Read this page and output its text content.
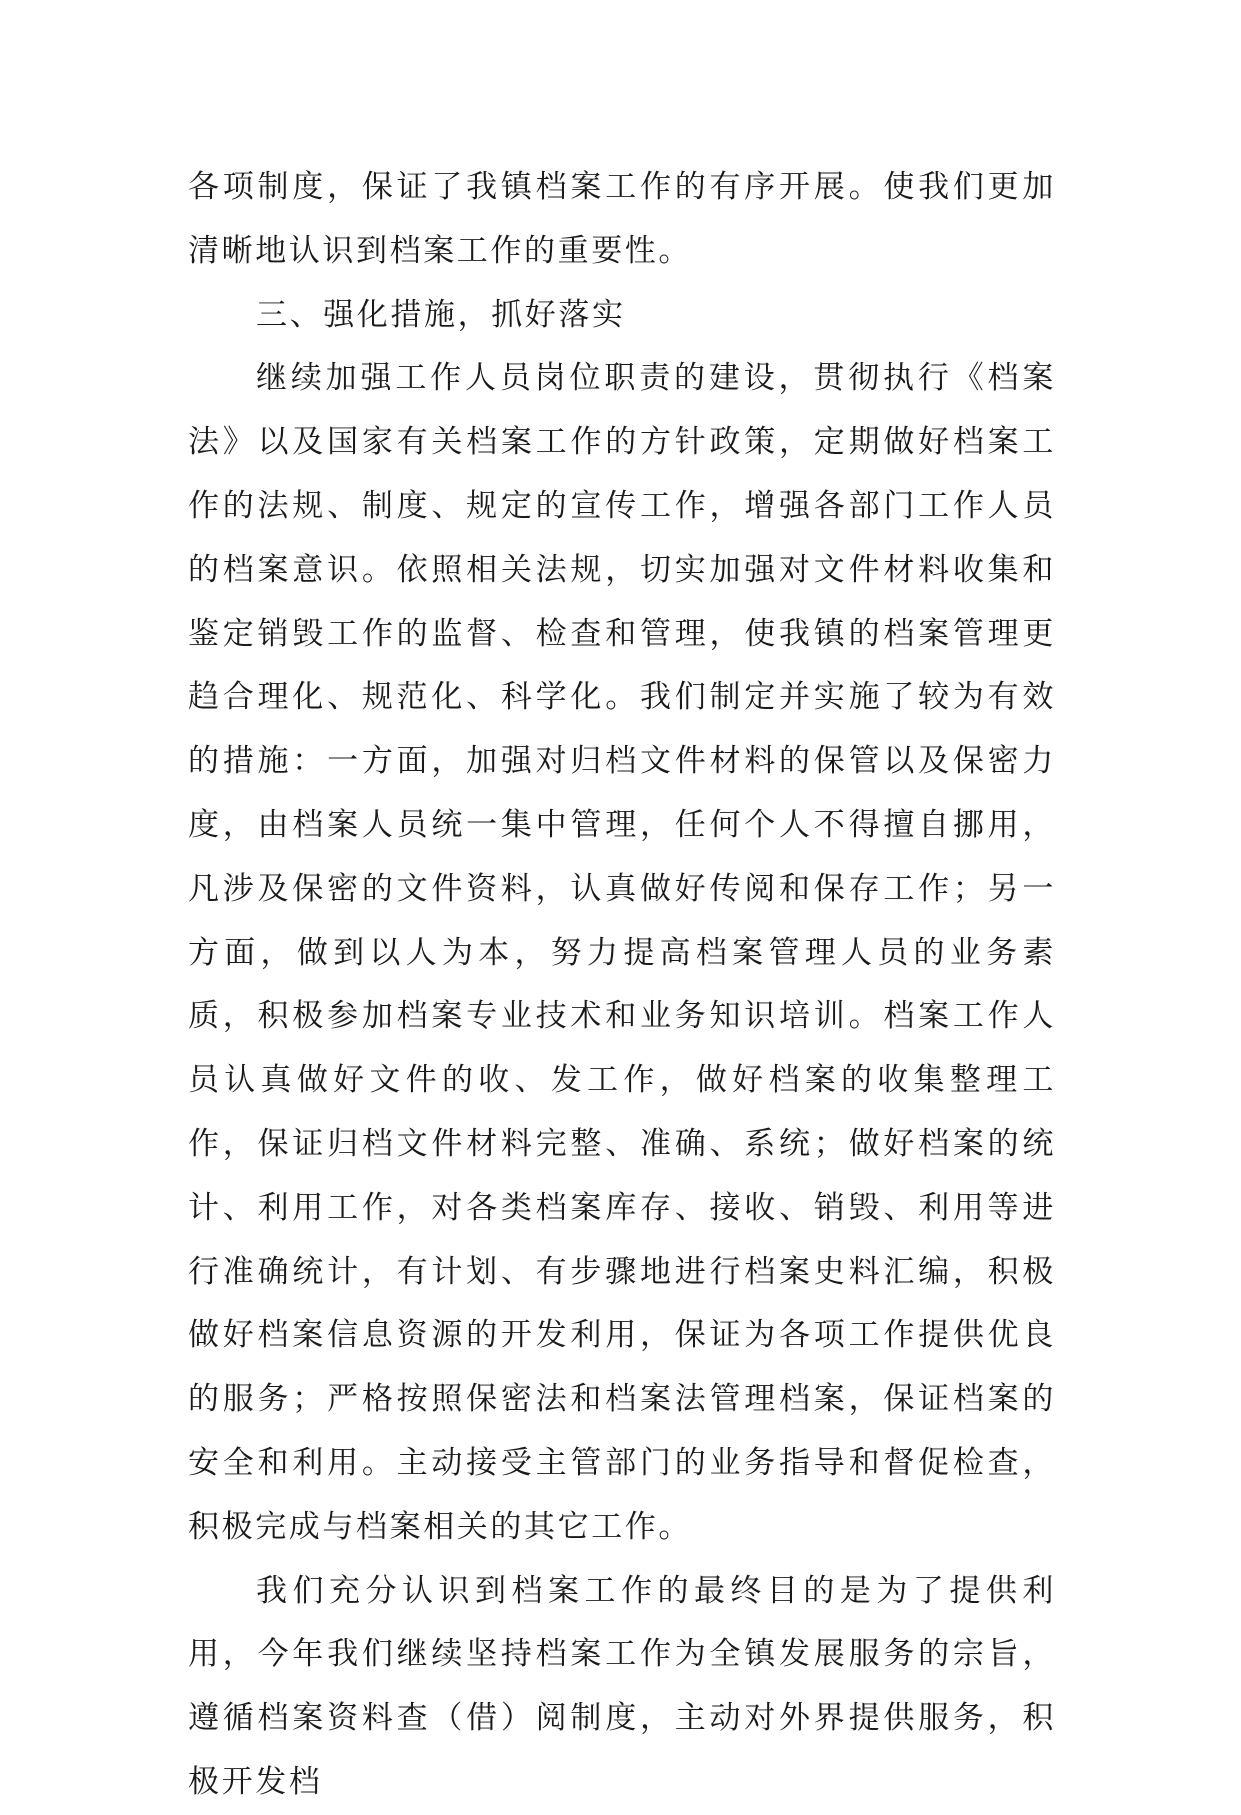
各项制度，保证了我镇档案工作的有序开展。使我们更加清晰地认识到档案工作的重要性。

三、强化措施，抓好落实

继续加强工作人员岗位职责的建设，贯彻执行《档案法》以及国家有关档案工作的方针政策，定期做好档案工作的法规、制度、规定的宣传工作，增强各部门工作人员的档案意识。依照相关法规，切实加强对文件材料收集和鉴定销毁工作的监督、检查和管理，使我镇的档案管理更趋合理化、规范化、科学化。我们制定并实施了较为有效的措施：一方面，加强对归档文件材料的保管以及保密力度，由档案人员统一集中管理，任何个人不得擅自挪用，凡涉及保密的文件资料，认真做好传阅和保存工作；另一方面，做到以人为本，努力提高档案管理人员的业务素质，积极参加档案专业技术和业务知识培训。档案工作人员认真做好文件的收、发工作，做好档案的收集整理工作，保证归档文件材料完整、准确、系统；做好档案的统计、利用工作，对各类档案库存、接收、销毁、利用等进行准确统计，有计划、有步骤地进行档案史料汇编，积极做好档案信息资源的开发利用，保证为各项工作提供优良的服务；严格按照保密法和档案法管理档案，保证档案的安全和利用。主动接受主管部门的业务指导和督促检查，积极完成与档案相关的其它工作。

我们充分认识到档案工作的最终目的是为了提供利用，今年我们继续坚持档案工作为全镇发展服务的宗旨，遵循档案资料查（借）阅制度，主动对外界提供服务，积极开发档
